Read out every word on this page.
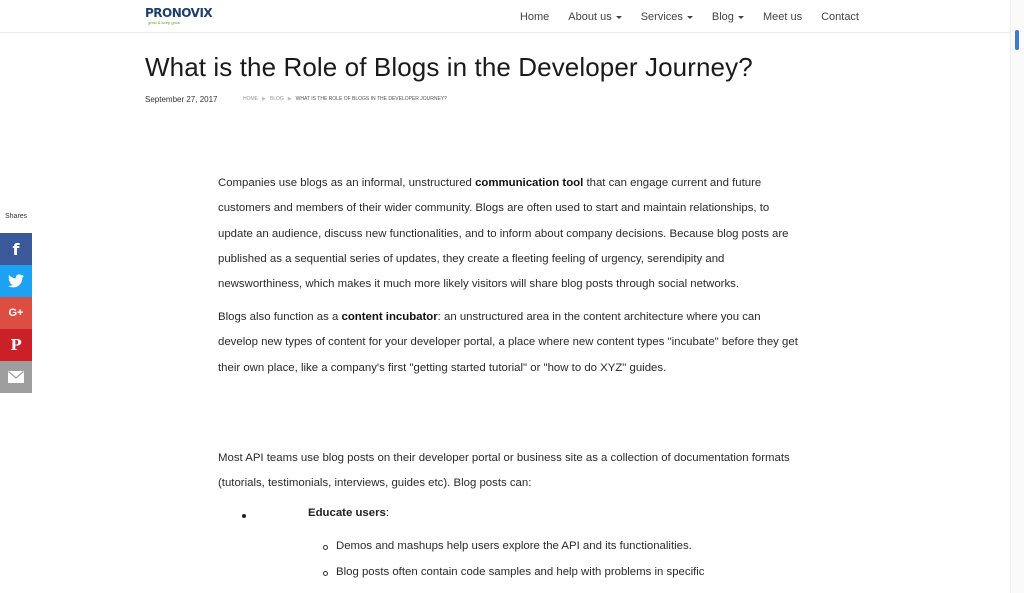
PRONOVIX
grow & keep grow	Home About us	Services	Blog	Meet us Contact
What is the Role of Blogs in the Developer Journey?
September 27, 2017	HOME ▶ BLOG ▶ WHAT IS THE ROLE OF BLOGS IN THE DEVELOPER JOURNEY?
Shares
f
G+
P

Companies use blogs as an informal, unstructured communication tool that can engage current and future customers and members of their wider community. Blogs are often used to start and maintain relationships, to update an audience, discuss new functionalities, and to inform about company decisions. Because blog posts are published as a sequential series of updates, they create a fleeting feeling of urgency, serendipity and newsworthiness, which makes it much more likely visitors will share blog posts through social networks.

Blogs also function as a content incubator: an unstructured area in the content architecture where you can develop new types of content for your developer portal, a place where new content types "incubate" before they get their own place, like a company's first "getting started tutorial" or "how to do XYZ" guides.

Most API teams use blog posts on their developer portal or business site as a collection of documentation formats (tutorials, testimonials, interviews, guides etc). Blog posts can:

Educate users:
Demos and mashups help users explore the API and its functionalities.
Blog posts often contain code samples and help with problems in specific
